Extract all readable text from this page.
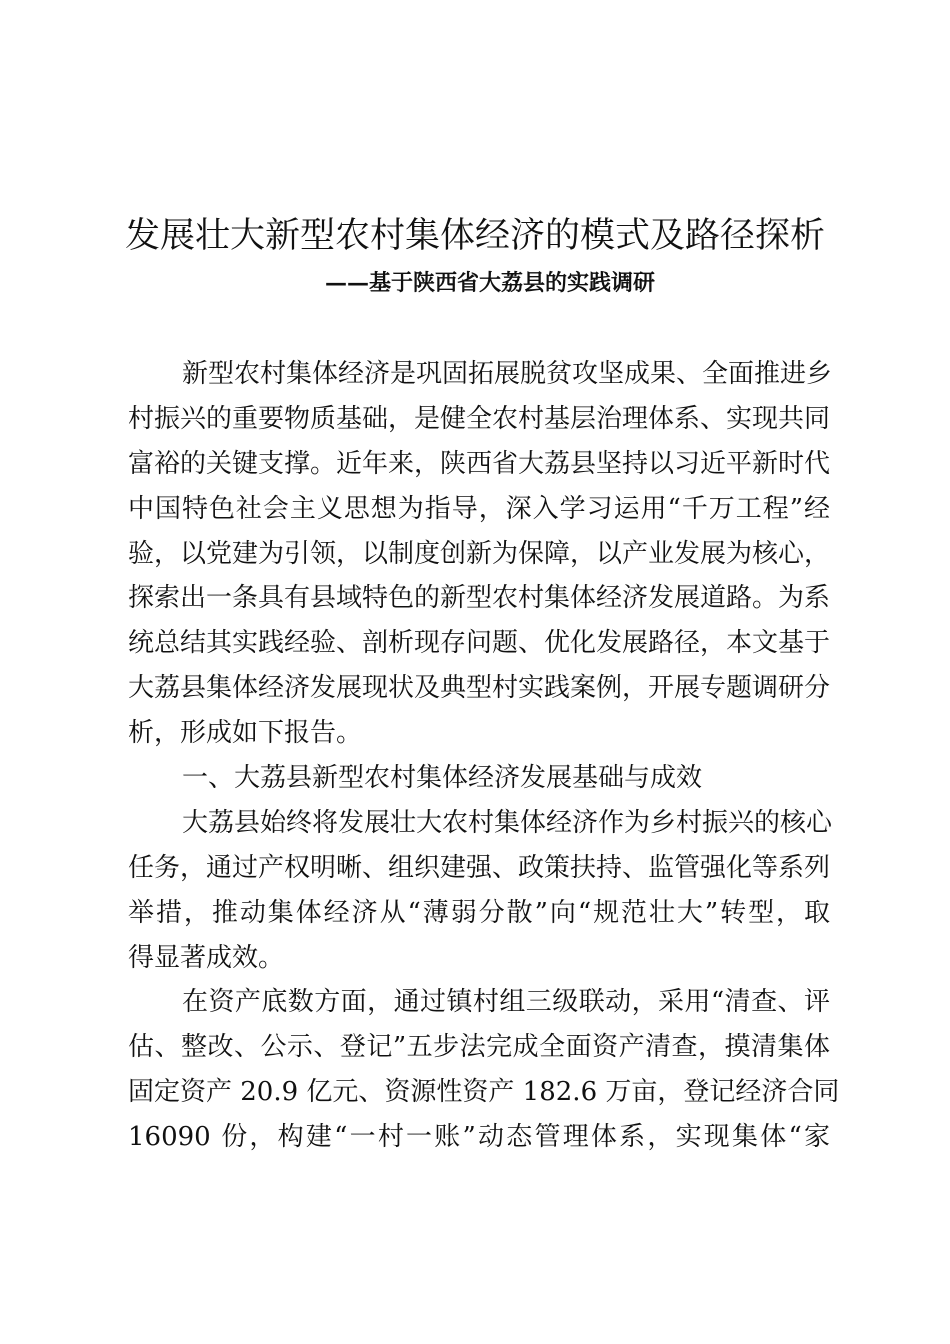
发展壮大新型农村集体经济的模式及路径探析
——基于陕西省大荔县的实践调研
新型农村集体经济是巩固拓展脱贫攻坚成果、全面推进乡
村振兴的重要物质基础，是健全农村基层治理体系、实现共同
富裕的关键支撑。近年来，陕西省大荔县坚持以习近平新时代
中国特色社会主义思想为指导，深入学习运用“千万工程”经
验，以党建为引领，以制度创新为保障，以产业发展为核心，
探索出一条具有县域特色的新型农村集体经济发展道路。为系
统总结其实践经验、剖析现存问题、优化发展路径，本文基于
大荔县集体经济发展现状及典型村实践案例，开展专题调研分
析，形成如下报告。
一、大荔县新型农村集体经济发展基础与成效
大荔县始终将发展壮大农村集体经济作为乡村振兴的核心
任务，通过产权明晰、组织建强、政策扶持、监管强化等系列
举措，推动集体经济从“薄弱分散”向“规范壮大”转型，取
得显著成效。
在资产底数方面，通过镇村组三级联动，采用“清查、评
估、整改、公示、登记”五步法完成全面资产清查，摸清集体
固定资产 20.9 亿元、资源性资产 182.6 万亩，登记经济合同
16090 份，构建“一村一账”动态管理体系，实现集体“家
